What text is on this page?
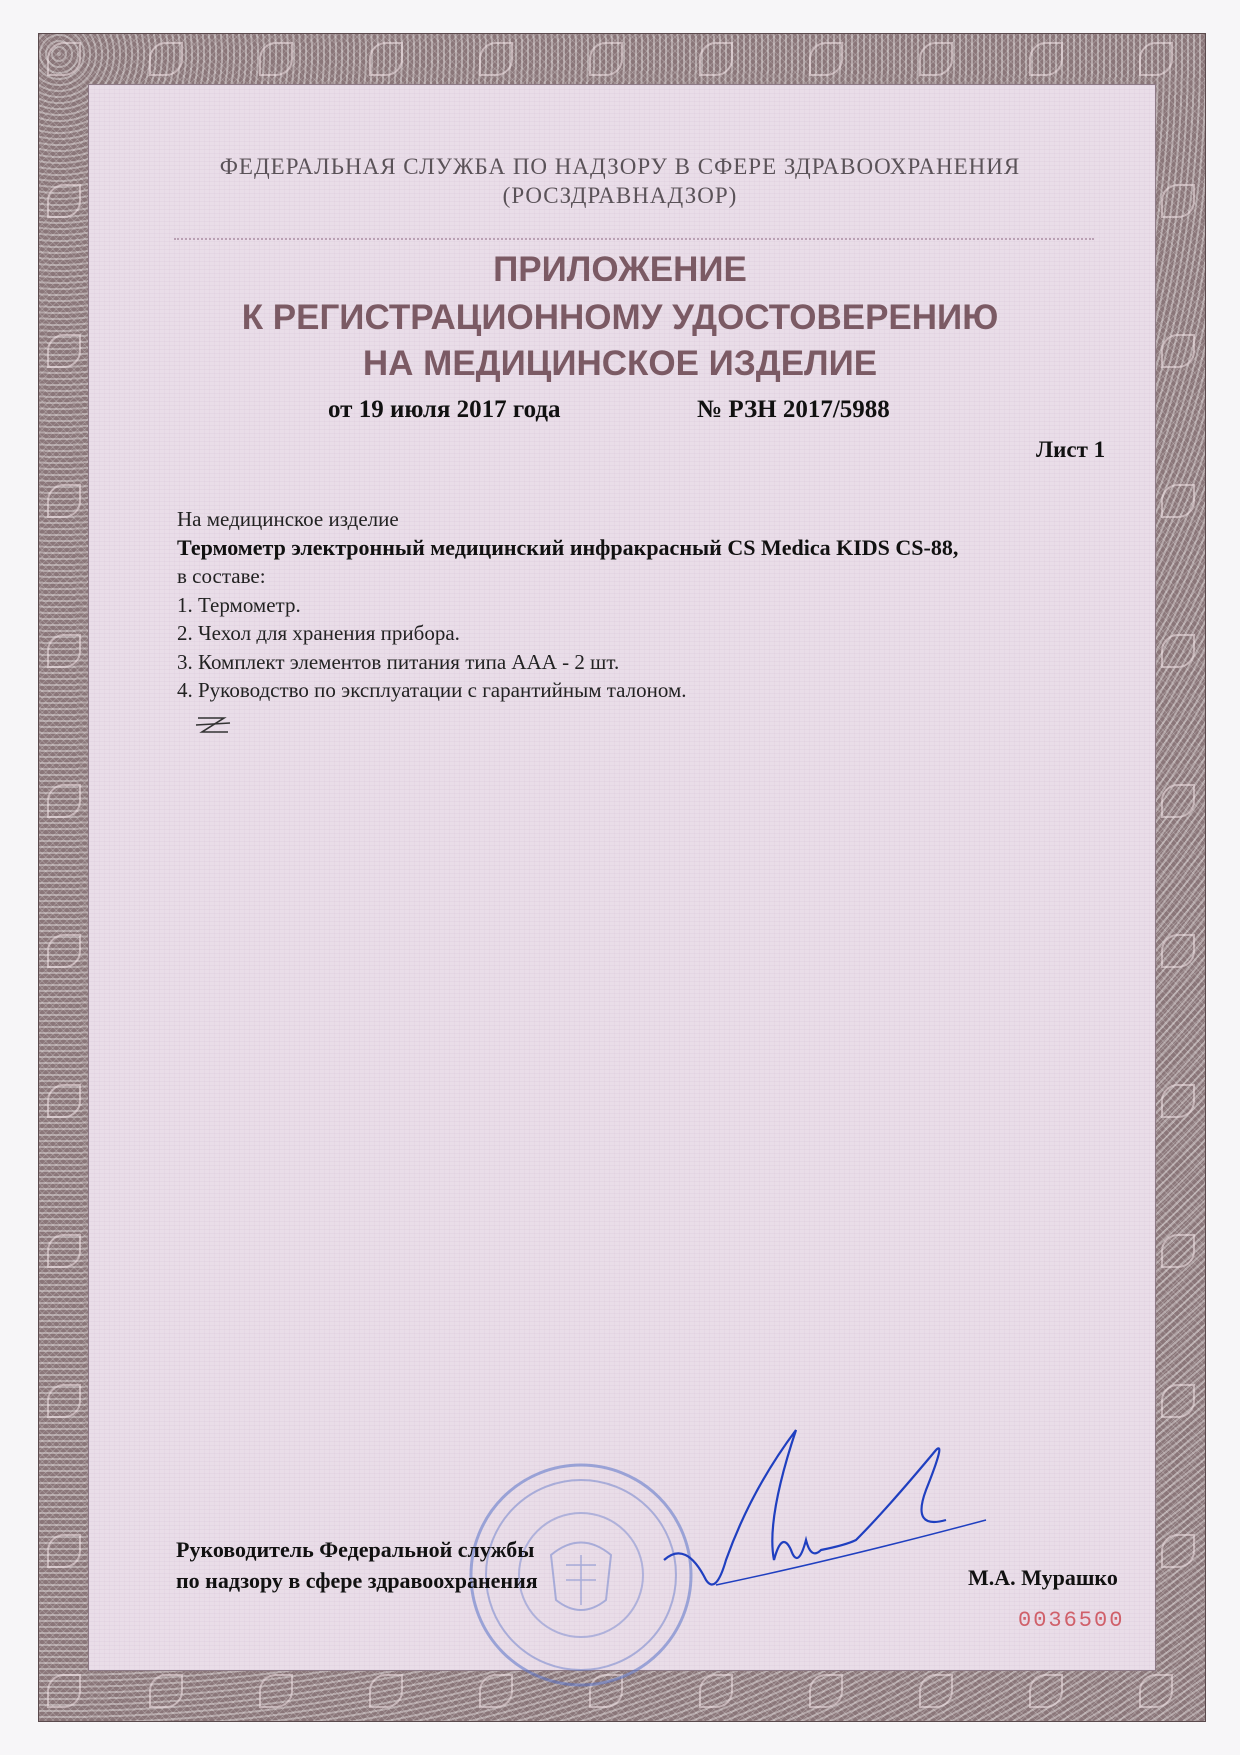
ФЕДЕРАЛЬНАЯ СЛУЖБА ПО НАДЗОРУ В СФЕРЕ ЗДРАВООХРАНЕНИЯ
(РОСЗДРАВНАДЗОР)
ПРИЛОЖЕНИЕ
К РЕГИСТРАЦИОННОМУ УДОСТОВЕРЕНИЮ
НА МЕДИЦИНСКОЕ ИЗДЕЛИЕ
от 19 июля 2017 года	№ РЗН 2017/5988
Лист 1
На медицинское изделие
Термометр электронный медицинский инфракрасный CS Medica KIDS CS-88,
в составе:
1. Термометр.
2. Чехол для хранения прибора.
3. Комплект элементов питания типа ААА - 2 шт.
4. Руководство по эксплуатации с гарантийным талоном.
Руководитель Федеральной службы
по надзору в сфере здравоохранения	М.А. Мурашко
0036500
